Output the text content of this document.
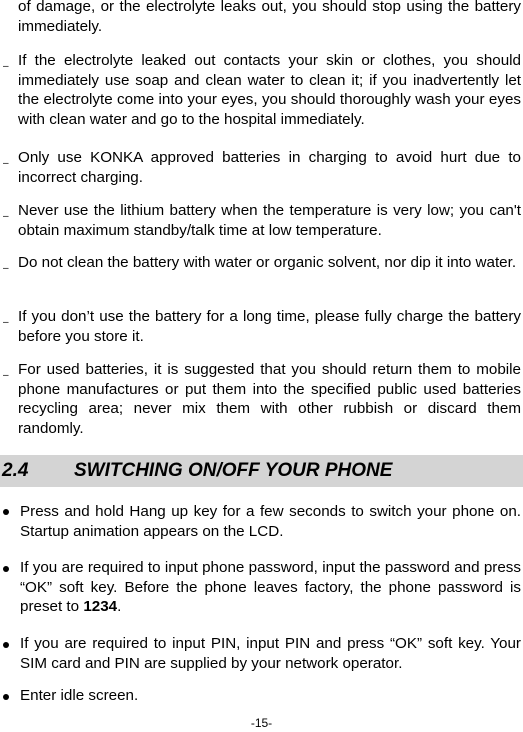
of damage, or the electrolyte leaks out, you should stop using the battery immediately.

– If the electrolyte leaked out contacts your skin or clothes, you should immediately use soap and clean water to clean it; if you inadvertently let the electrolyte come into your eyes, you should thoroughly wash your eyes with clean water and go to the hospital immediately.

– Only use KONKA approved batteries in charging to avoid hurt due to incorrect charging.

– Never use the lithium battery when the temperature is very low; you can't obtain maximum standby/talk time at low temperature.

– Do not clean the battery with water or organic solvent, nor dip it into water.

– If you don’t use the battery for a long time, please fully charge the battery before you store it.

– For used batteries, it is suggested that you should return them to mobile phone manufactures or put them into the specified public used batteries recycling area; never mix them with other rubbish or discard them randomly.

2.4 SWITCHING ON/OFF YOUR PHONE

Press and hold Hang up key for a few seconds to switch your phone on. Startup animation appears on the LCD.

If you are required to input phone password, input the password and press “OK” soft key. Before the phone leaves factory, the phone password is preset to 1234.

If you are required to input PIN, input PIN and press “OK” soft key. Your SIM card and PIN are supplied by your network operator.

Enter idle screen.

-15-
